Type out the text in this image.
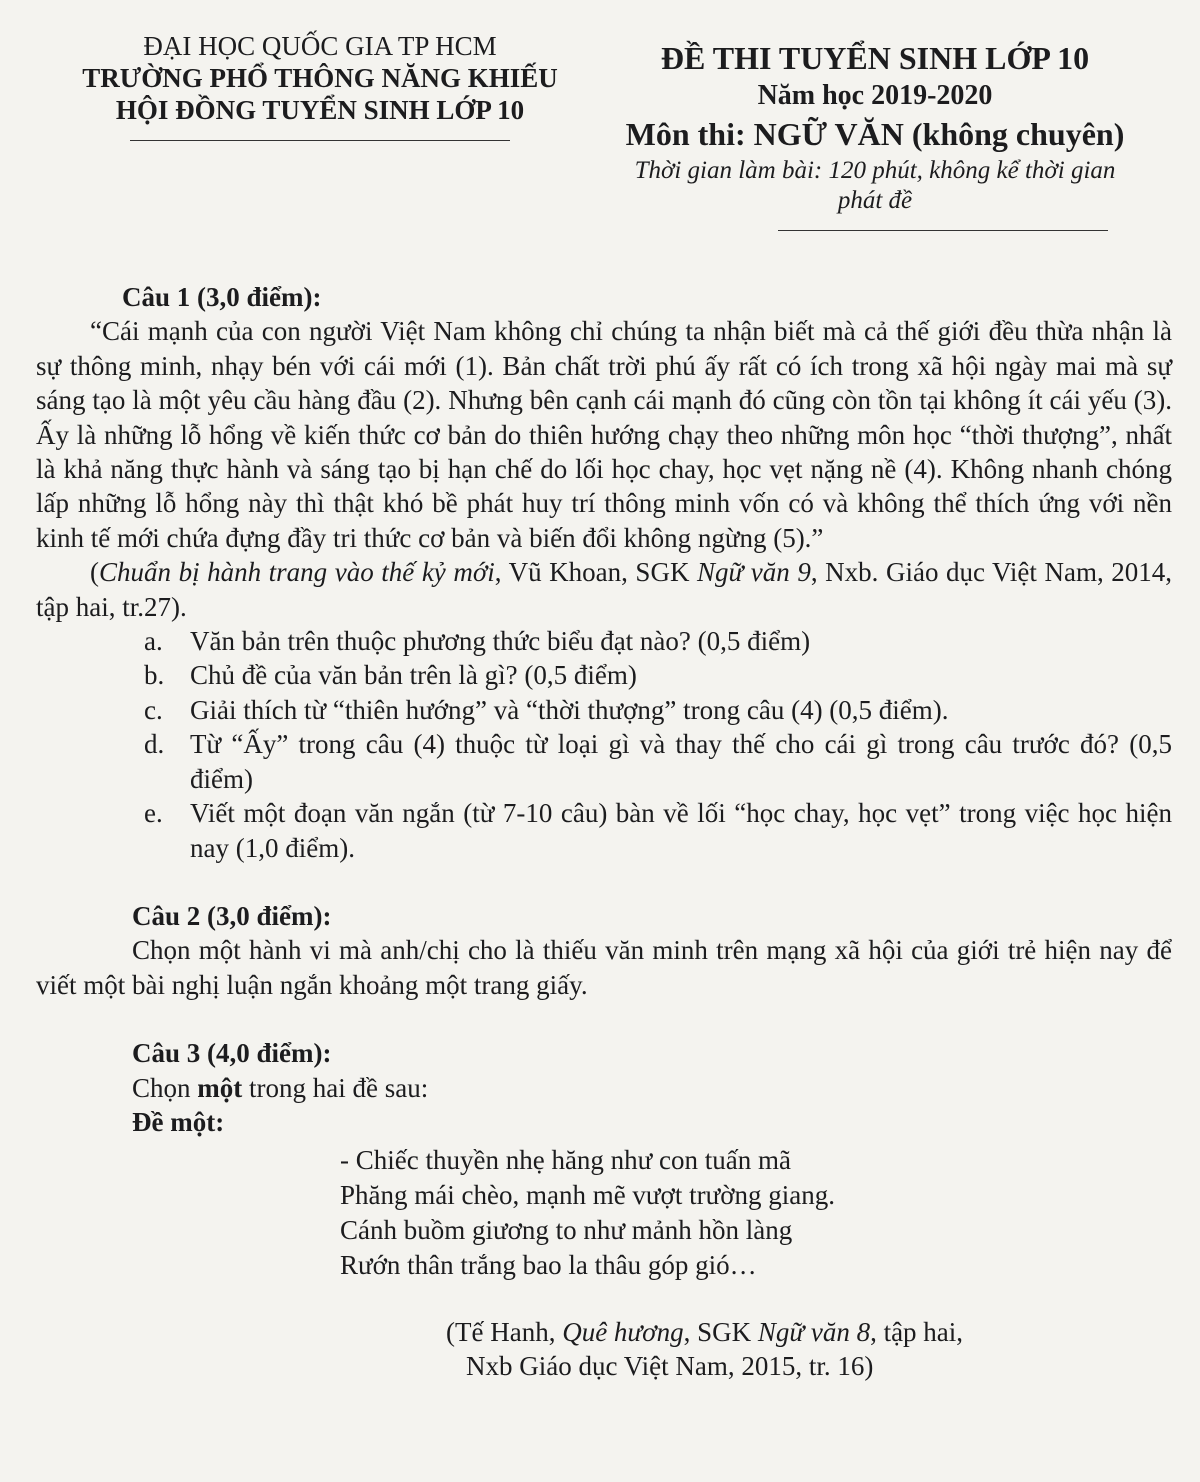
ĐẠI HỌC QUỐC GIA TP HCM
TRƯỜNG PHỔ THÔNG NĂNG KHIẾU
HỘI ĐỒNG TUYỂN SINH LỚP 10
ĐỀ THI TUYỂN SINH LỚP 10
Năm học 2019-2020
Môn thi: NGỮ VĂN (không chuyên)
Thời gian làm bài: 120 phút, không kể thời gian
phát đề
Câu 1 (3,0 điểm):

“Cái mạnh của con người Việt Nam không chỉ chúng ta nhận biết mà cả thế giới đều thừa nhận là sự thông minh, nhạy bén với cái mới (1). Bản chất trời phú ấy rất có ích trong xã hội ngày mai mà sự sáng tạo là một yêu cầu hàng đầu (2). Nhưng bên cạnh cái mạnh đó cũng còn tồn tại không ít cái yếu (3). Ấy là những lỗ hổng về kiến thức cơ bản do thiên hướng chạy theo những môn học “thời thượng”, nhất là khả năng thực hành và sáng tạo bị hạn chế do lối học chay, học vẹt nặng nề (4). Không nhanh chóng lấp những lỗ hổng này thì thật khó bề phát huy trí thông minh vốn có và không thể thích ứng với nền kinh tế mới chứa đựng đầy tri thức cơ bản và biến đổi không ngừng (5).”

(Chuẩn bị hành trang vào thế kỷ mới, Vũ Khoan, SGK Ngữ văn 9, Nxb. Giáo dục Việt Nam, 2014, tập hai, tr.27).

a. Văn bản trên thuộc phương thức biểu đạt nào? (0,5 điểm)
b. Chủ đề của văn bản trên là gì? (0,5 điểm)
c. Giải thích từ “thiên hướng” và “thời thượng” trong câu (4) (0,5 điểm).
d. Từ “Ấy” trong câu (4) thuộc từ loại gì và thay thế cho cái gì trong câu trước đó? (0,5 điểm)
e. Viết một đoạn văn ngắn (từ 7-10 câu) bàn về lối “học chay, học vẹt” trong việc học hiện nay (1,0 điểm).
Câu 2 (3,0 điểm):

Chọn một hành vi mà anh/chị cho là thiếu văn minh trên mạng xã hội của giới trẻ hiện nay để viết một bài nghị luận ngắn khoảng một trang giấy.

Câu 3 (4,0 điểm):
Chọn một trong hai đề sau:
Đề một:
- Chiếc thuyền nhẹ hăng như con tuấn mã
Phăng mái chèo, mạnh mẽ vượt trường giang.
Cánh buồm giương to như mảnh hồn làng
Rướn thân trắng bao la thâu góp gió…
(Tế Hanh, Quê hương, SGK Ngữ văn 8, tập hai,
Nxb Giáo dục Việt Nam, 2015, tr. 16)
